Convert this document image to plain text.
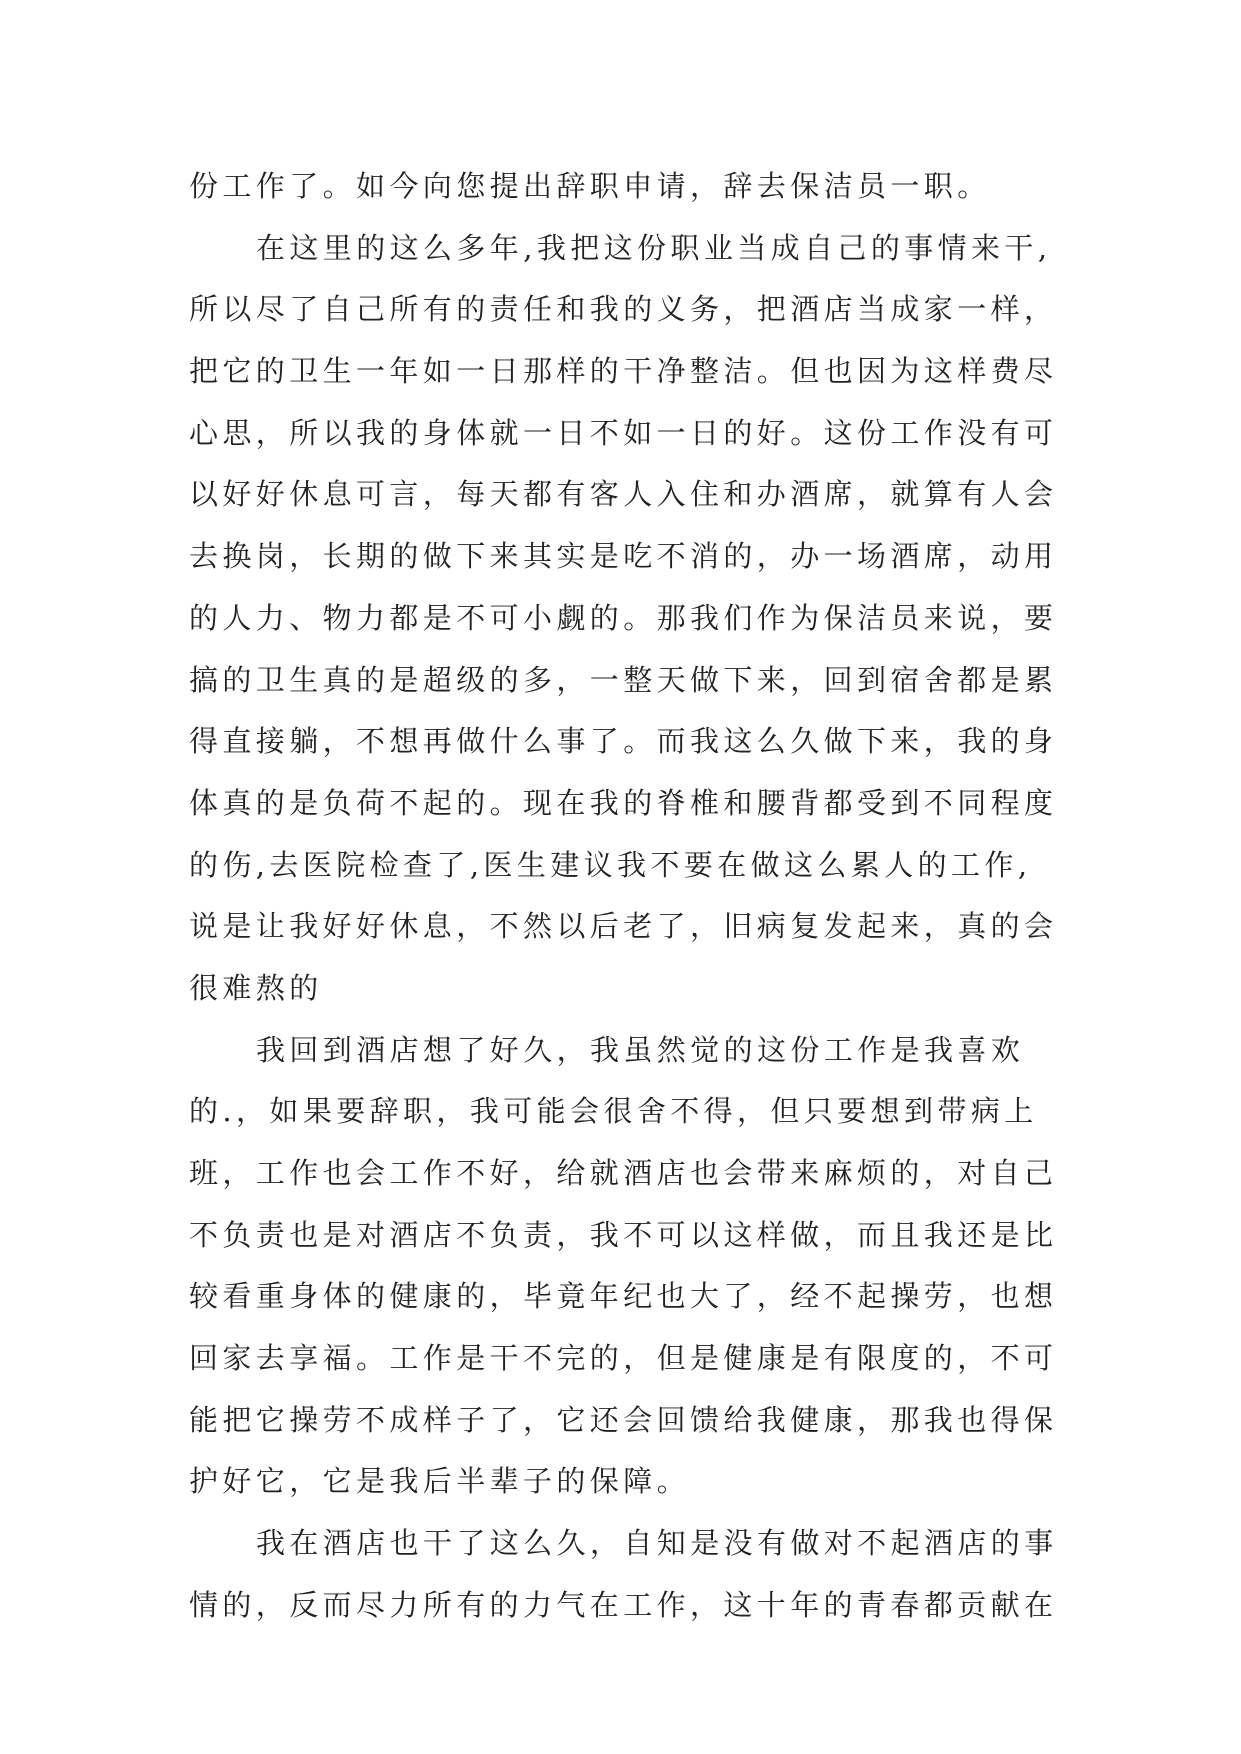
份工作了。如今向您提出辞职申请，辞去保洁员一职。
在这里的这么多年,我把这份职业当成自己的事情来干,
所以尽了自己所有的责任和我的义务，把酒店当成家一样，
把它的卫生一年如一日那样的干净整洁。但也因为这样费尽
心思，所以我的身体就一日不如一日的好。这份工作没有可
以好好休息可言，每天都有客人入住和办酒席，就算有人会
去换岗，长期的做下来其实是吃不消的，办一场酒席，动用
的人力、物力都是不可小觑的。那我们作为保洁员来说，要
搞的卫生真的是超级的多，一整天做下来，回到宿舍都是累
得直接躺，不想再做什么事了。而我这么久做下来，我的身
体真的是负荷不起的。现在我的脊椎和腰背都受到不同程度
的伤,去医院检查了,医生建议我不要在做这么累人的工作,
说是让我好好休息，不然以后老了，旧病复发起来，真的会
很难熬的
我回到酒店想了好久，我虽然觉的这份工作是我喜欢
的.，如果要辞职，我可能会很舍不得，但只要想到带病上
班，工作也会工作不好，给就酒店也会带来麻烦的，对自己
不负责也是对酒店不负责，我不可以这样做，而且我还是比
较看重身体的健康的，毕竟年纪也大了，经不起操劳，也想
回家去享福。工作是干不完的，但是健康是有限度的，不可
能把它操劳不成样子了，它还会回馈给我健康，那我也得保
护好它，它是我后半辈子的保障。
我在酒店也干了这么久，自知是没有做对不起酒店的事
情的，反而尽力所有的力气在工作，这十年的青春都贡献在
